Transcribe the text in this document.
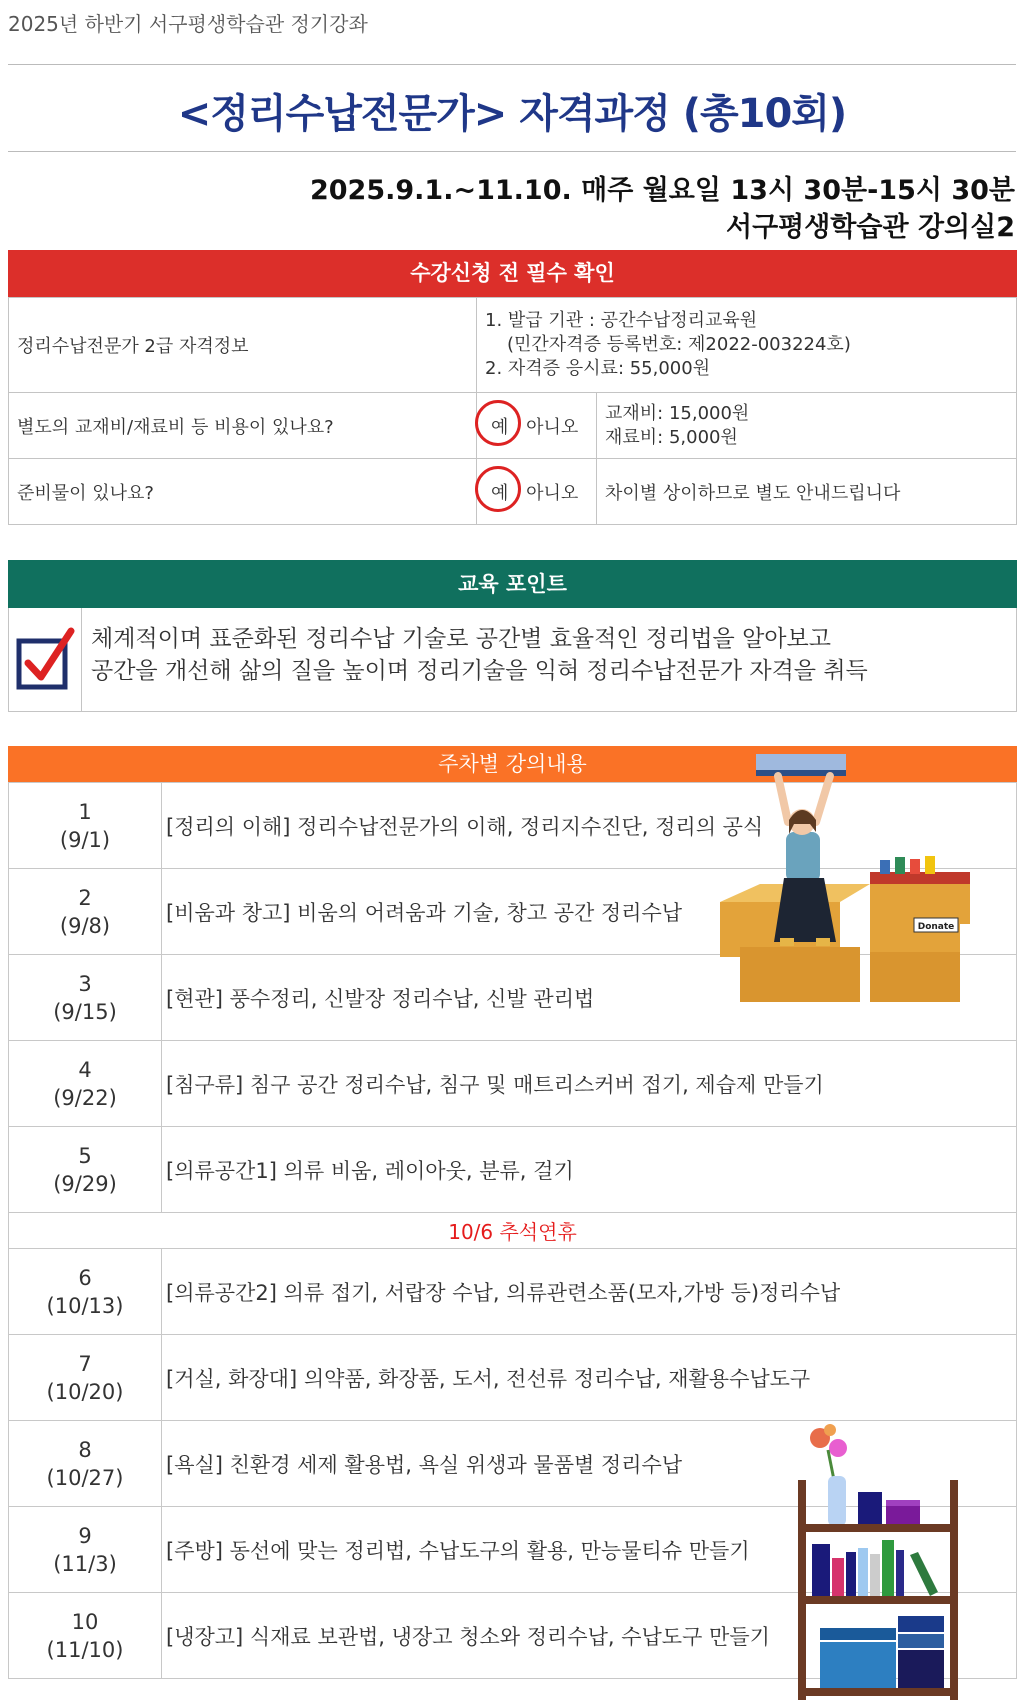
2025년 하반기 서구평생학습관 정기강좌
<정리수납전문가> 자격과정 (총10회)
2025.9.1.~11.10. 매주 월요일 13시 30분-15시 30분
서구평생학습관 강의실2
수강신청 전 필수 확인
정리수납전문가 2급 자격정보	1. 발급 기관 : 공간수납정리교육원
(민간자격증 등록번호: 제2022-003224호)
2. 자격증 응시료: 55,000원	

별도의 교재비/재료비 등 비용이 있나요?	예 아니오	교재비: 15,000원
재료비: 5,000원

준비물이 있나요?	예 아니오	차이별 상이하므로 별도 안내드립니다
교육 포인트
체계적이며 표준화된 정리수납 기술로 공간별 효율적인 정리법을 알아보고
공간을 개선해 삶의 질을 높이며 정리기술을 익혀 정리수납전문가 자격을 취득
주차별 강의내용
1
(9/1)	[정리의 이해] 정리수납전문가의 이해, 정리지수진단, 정리의 공식

2
(9/8)	[비움과 창고] 비움의 어려움과 기술, 창고 공간 정리수납

3
(9/15)	[현관] 풍수정리, 신발장 정리수납, 신발 관리법

4
(9/22)	[침구류] 침구 공간 정리수납, 침구 및 매트리스커버 접기, 제습제 만들기

5
(9/29)	[의류공간1] 의류 비움, 레이아웃, 분류, 걸기
10/6 추석연휴	

6
(10/13)	[의류공간2] 의류 접기, 서랍장 수납, 의류관련소품(모자,가방 등)정리수납

7
(10/20)	[거실, 화장대] 의약품, 화장품, 도서, 전선류 정리수납, 재활용수납도구

8
(10/27)	[욕실] 친환경 세제 활용법, 욕실 위생과 물품별 정리수납

9
(11/3)	[주방] 동선에 맞는 정리법, 수납도구의 활용, 만능물티슈 만들기

10
(11/10)	[냉장고] 식재료 보관법, 냉장고 청소와 정리수납, 수납도구 만들기
Donate
